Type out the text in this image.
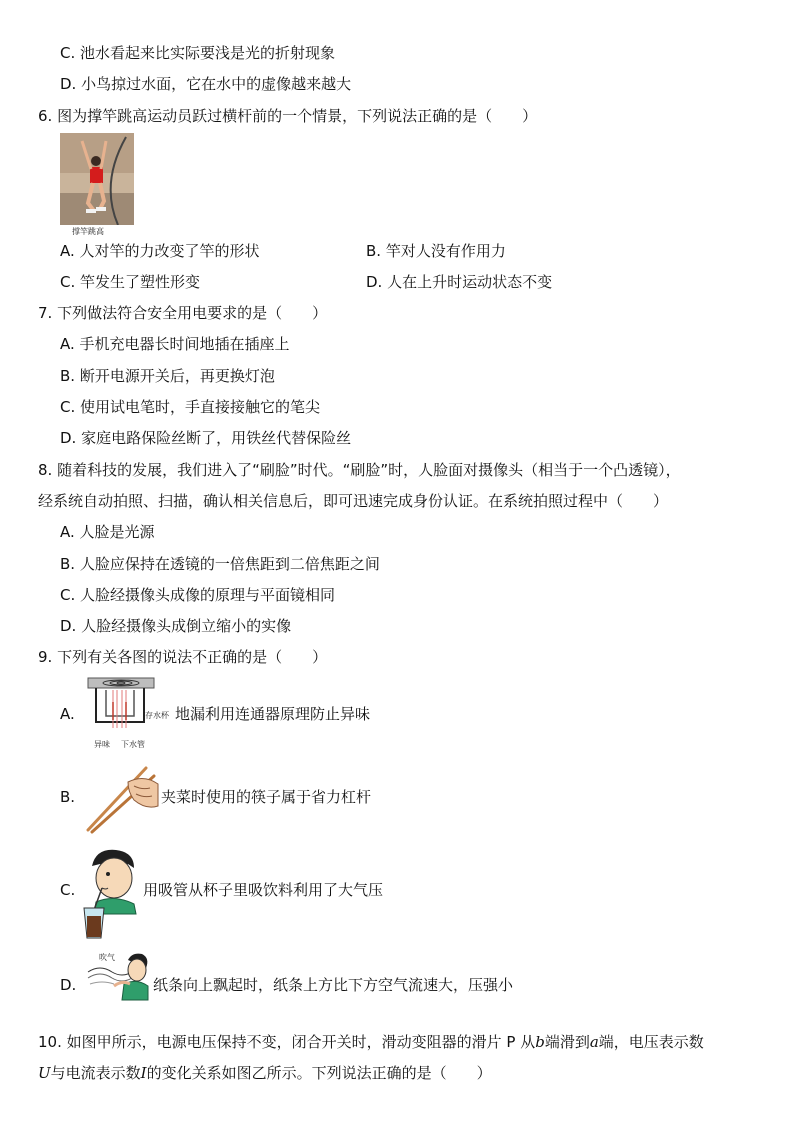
C. 池水看起来比实际要浅是光的折射现象
D. 小鸟掠过水面，它在水中的虚像越来越大
6. 图为撑竿跳高运动员跃过横杆前的一个情景，下列说法正确的是（　　）
撑竿跳高
A. 人对竿的力改变了竿的形状	B. 竿对人没有作用力
C. 竿发生了塑性形变	D. 人在上升时运动状态不变
7. 下列做法符合安全用电要求的是（　　）
A. 手机充电器长时间地插在插座上
B. 断开电源开关后，再更换灯泡
C. 使用试电笔时，手直接接触它的笔尖
D. 家庭电路保险丝断了，用铁丝代替保险丝
8. 随着科技的发展，我们进入了“刷脸”时代。“刷脸”时，人脸面对摄像头（相当于一个凸透镜），
经系统自动拍照、扫描，确认相关信息后，即可迅速完成身份认证。在系统拍照过程中（　　）
A. 人脸是光源
B. 人脸应保持在透镜的一倍焦距到二倍焦距之间
C. 人脸经摄像头成像的原理与平面镜相同
D. 人脸经摄像头成倒立缩小的实像
9. 下列有关各图的说法不正确的是（　　）
A.	存水杯
异味 下水管
地漏利用连通器原理防止异味
B.	夹菜时使用的筷子属于省力杠杆
C.	用吸管从杯子里吸饮料利用了大气压
D.
吹气
纸条向上飘起时，纸条上方比下方空气流速大，压强小
10. 如图甲所示，电源电压保持不变，闭合开关时，滑动变阻器的滑片 P 从b端滑到a端，电压表示数
U与电流表示数I的变化关系如图乙所示。下列说法正确的是（　　）
